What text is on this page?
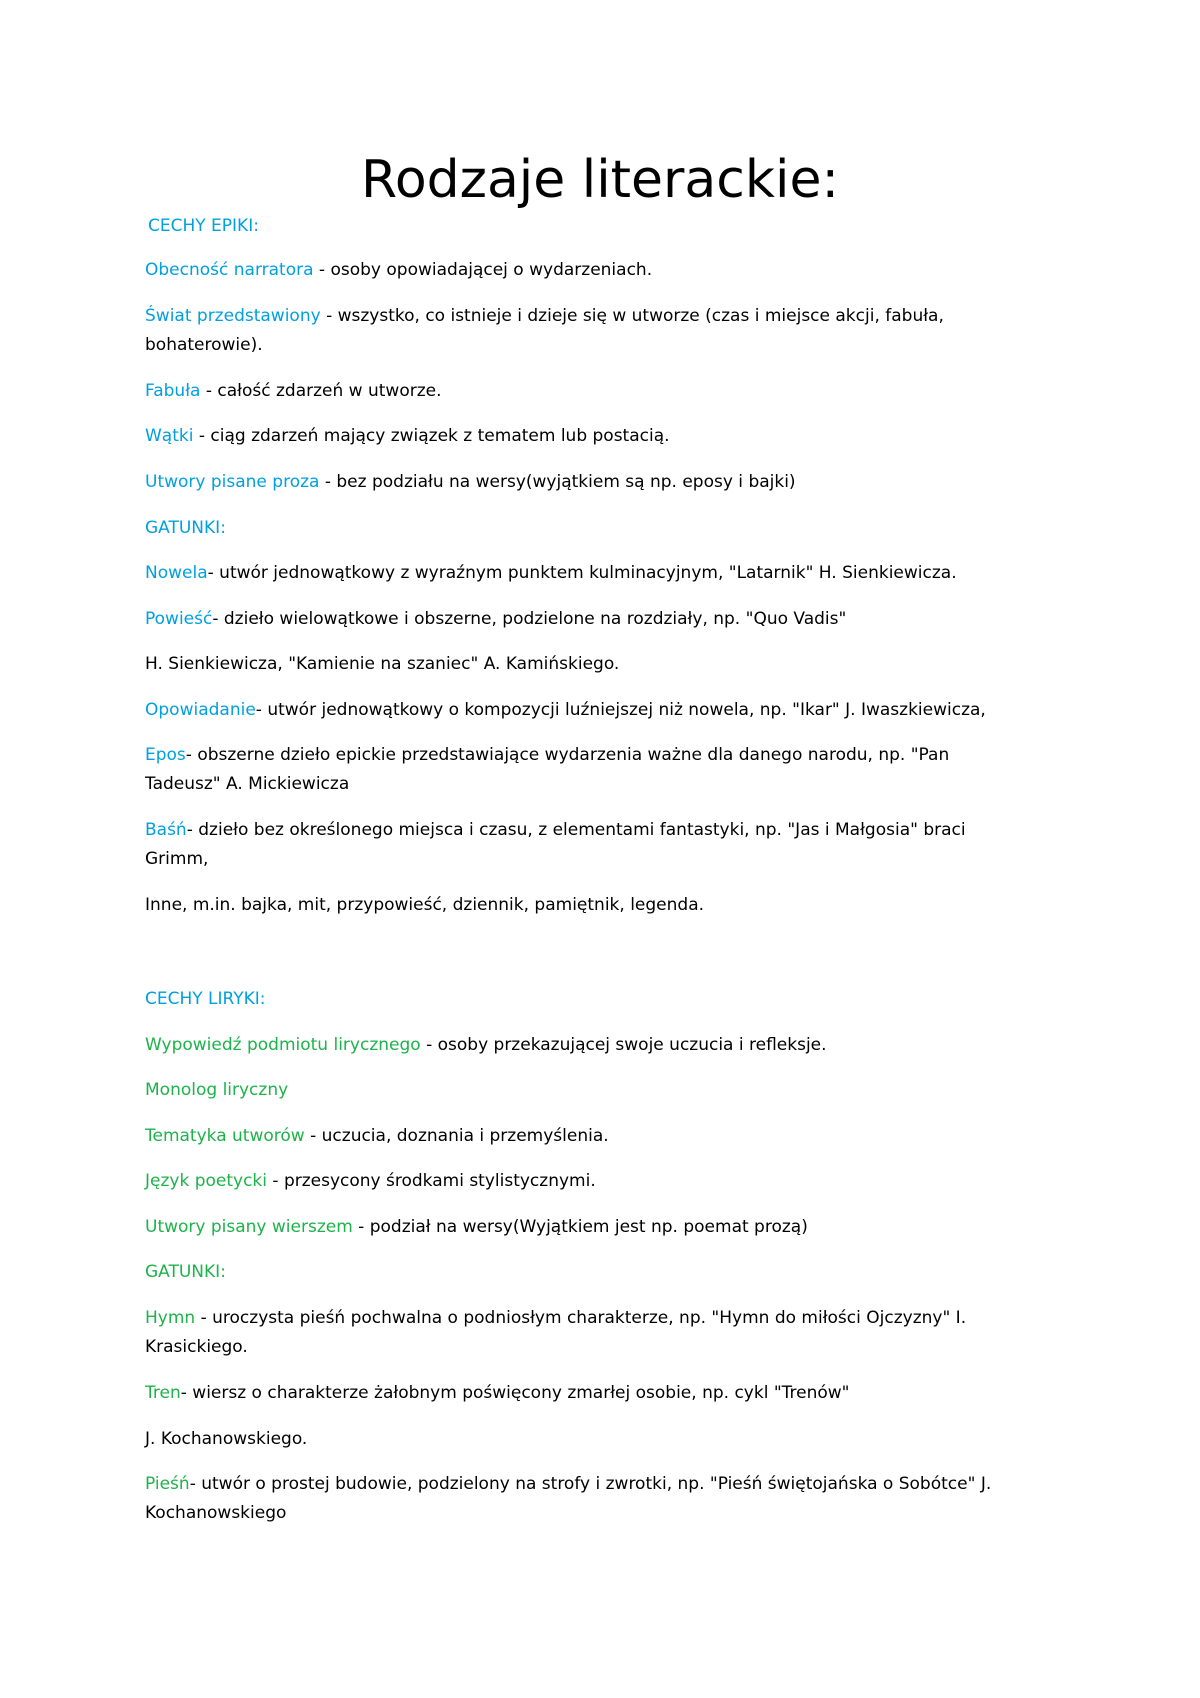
Rodzaje literackie:
CECHY EPIKI:
Obecność narratora - osoby opowiadającej o wydarzeniach.
Świat przedstawiony - wszystko, co istnieje i dzieje się w utworze (czas i miejsce akcji, fabuła, bohaterowie).
Fabuła - całość zdarzeń w utworze.
Wątki - ciąg zdarzeń mający związek z tematem lub postacią.
Utwory pisane proza - bez podziału na wersy(wyjątkiem są np. eposy i bajki)
GATUNKI:
Nowela- utwór jednowątkowy z wyraźnym punktem kulminacyjnym, "Latarnik" H. Sienkiewicza.
Powieść- dzieło wielowątkowe i obszerne, podzielone na rozdziały, np. "Quo Vadis"
H. Sienkiewicza, "Kamienie na szaniec" A. Kamińskiego.
Opowiadanie- utwór jednowątkowy o kompozycji luźniejszej niż nowela, np. "Ikar" J. Iwaszkiewicza,
Epos- obszerne dzieło epickie przedstawiające wydarzenia ważne dla danego narodu, np. "Pan Tadeusz" A. Mickiewicza
Baśń- dzieło bez określonego miejsca i czasu, z elementami fantastyki, np. "Jas i Małgosia" braci Grimm,
Inne, m.in. bajka, mit, przypowieść, dziennik, pamiętnik, legenda.
CECHY LIRYKI:
Wypowiedź podmiotu lirycznego - osoby przekazującej swoje uczucia i refleksje.
Monolog liryczny
Tematyka utworów - uczucia, doznania i przemyślenia.
Język poetycki - przesycony środkami stylistycznymi.
Utwory pisany wierszem - podział na wersy(Wyjątkiem jest np. poemat prozą)
GATUNKI:
Hymn - uroczysta pieśń pochwalna o podniosłym charakterze, np. "Hymn do miłości Ojczyzny" I. Krasickiego.
Tren- wiersz o charakterze żałobnym poświęcony zmarłej osobie, np. cykl "Trenów"
J. Kochanowskiego.
Pieśń- utwór o prostej budowie, podzielony na strofy i zwrotki, np. "Pieśń świętojańska o Sobótce" J. Kochanowskiego
